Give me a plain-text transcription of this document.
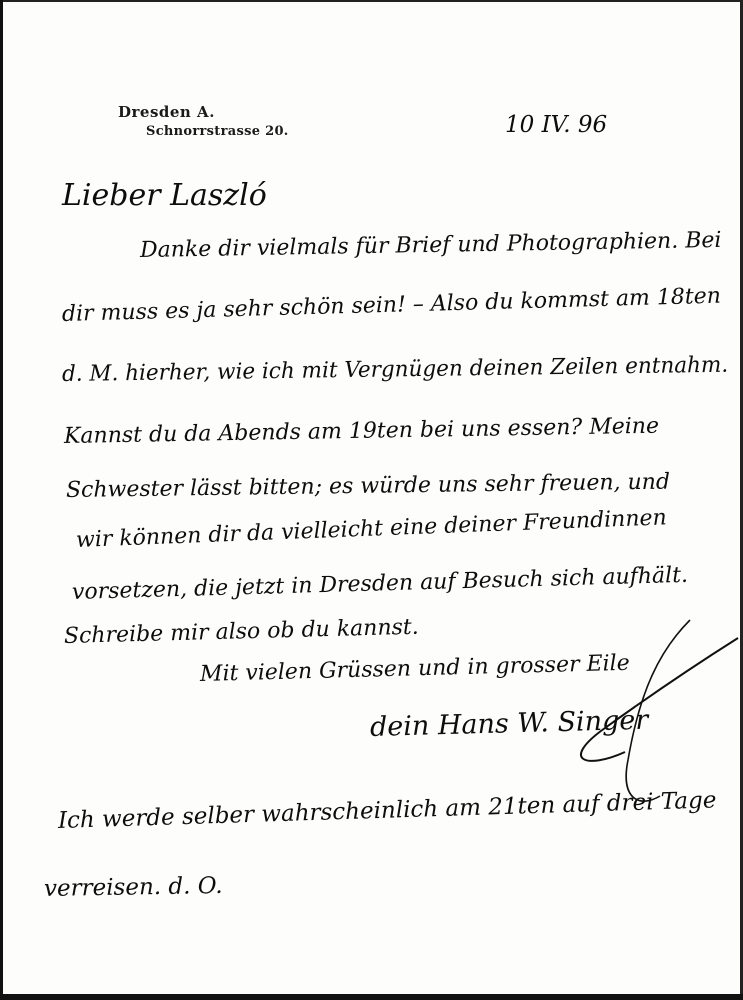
Dresden A.
Schnorrstrasse 20.	10 IV. 96
Lieber Laszló
Danke dir vielmals für Brief und Photographien. Bei
dir muss es ja sehr schön sein! – Also du kommst am 18ten
d. M. hierher, wie ich mit Vergnügen deinen Zeilen entnahm.
Kannst du da Abends am 19ten bei uns essen? Meine
Schwester lässt bitten; es würde uns sehr freuen, und
wir können dir da vielleicht eine deiner Freundinnen
vorsetzen, die jetzt in Dresden auf Besuch sich aufhält.
Schreibe mir also ob du kannst.
Mit vielen Grüssen und in grosser Eile
dein Hans W. Singer
Ich werde selber wahrscheinlich am 21ten auf drei Tage
verreisen. d. O.
